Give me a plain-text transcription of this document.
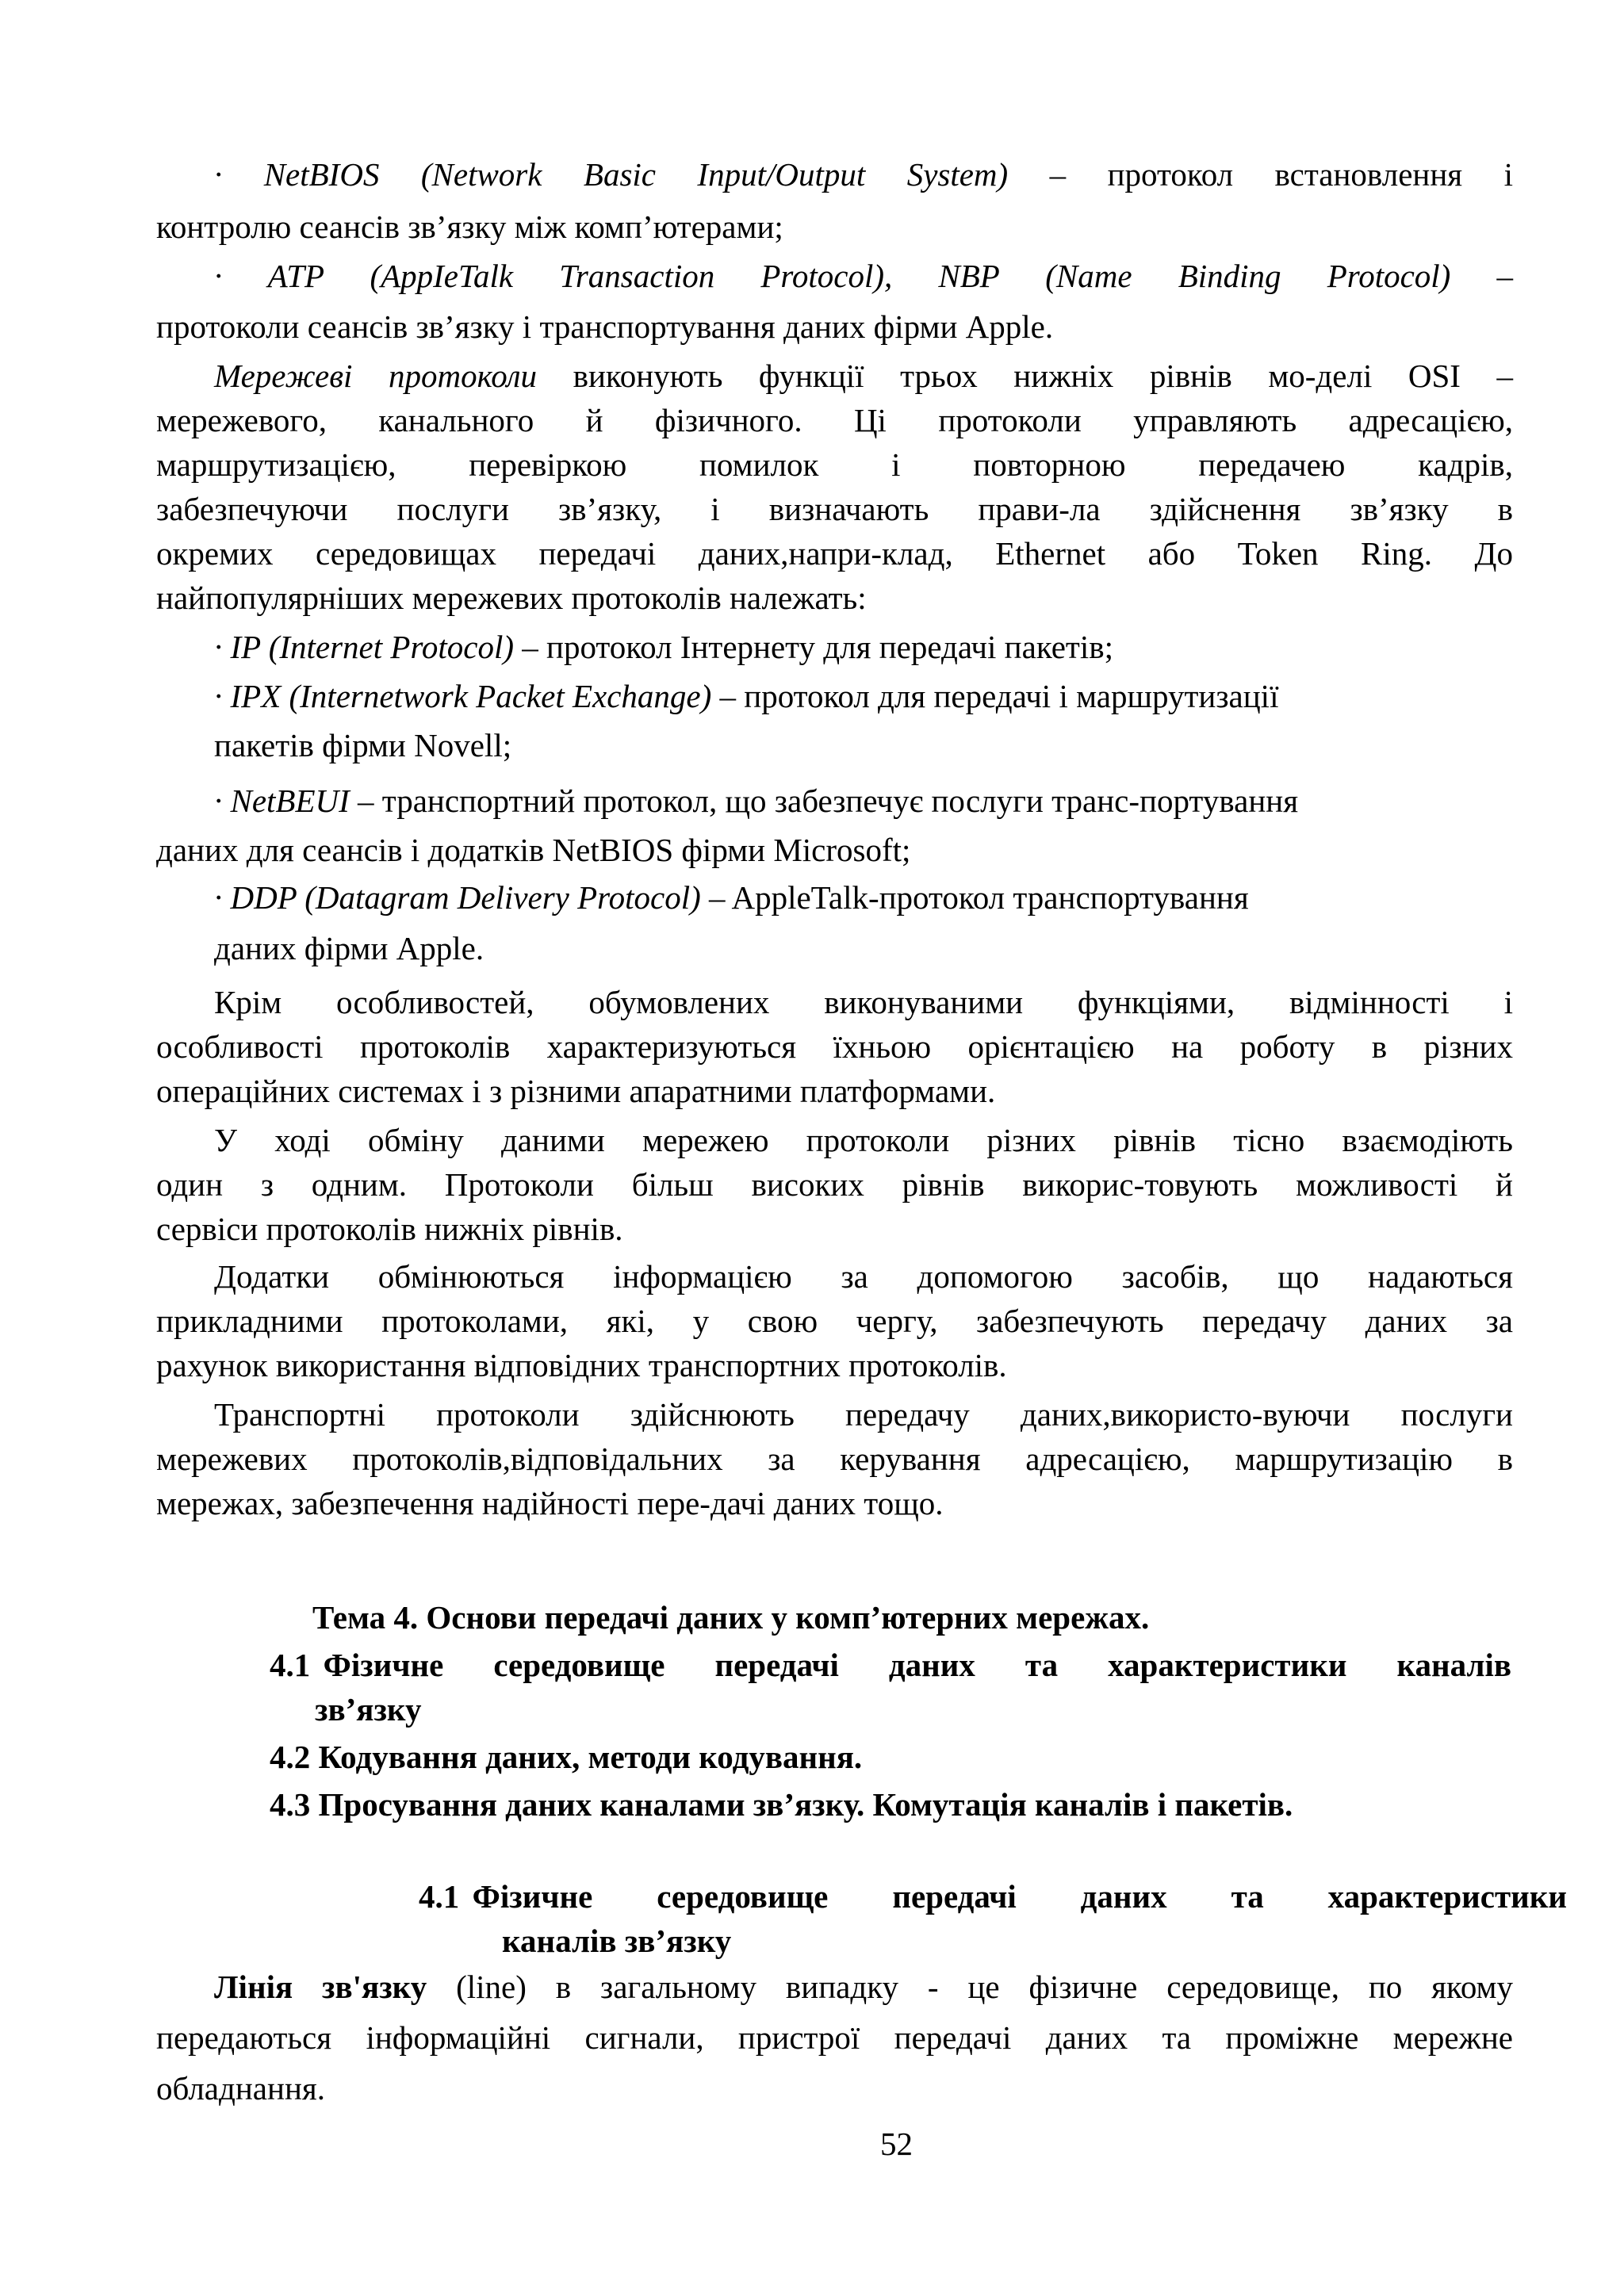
· NetBIOS (Network Basic Input/Output System) – протокол встановлення і
контролю сеансів зв’язку між комп’ютерами;
· ATP (AppIeTalk Transaction Protocol), NBP (Name Binding Protocol) –
протоколи сеансів зв’язку і транспортування даних фірми Apple.
Мережеві протоколи виконують функції трьох нижніх рівнів мо-делі OSI –
мережевого, канального й фізичного. Ці протоколи управляють адресацією,
маршрутизацією, перевіркою помилок і повторною передачею кадрів,
забезпечуючи послуги зв’язку, і визначають прави-ла здійснення зв’язку в
окремих середовищах передачі даних,напри-клад, Ethernet або Token Ring. До
найпопулярніших мережевих протоколів належать:
· IP (Internet Protocol) – протокол Інтернету для передачі пакетів;
· IPX (Internetwork Packet Exchange) – протокол для передачі і маршрутизації
пакетів фірми Novell;
· NetBEUI – транспортний протокол, що забезпечує послуги транс-портування
даних для сеансів і додатків NetBIOS фірми Microsoft;
· DDP (Datagram Delivery Protocol) – AppleTalk-протокол транспортування
даних фірми Apple.
Крім особливостей, обумовлених виконуваними функціями, відмінності і
особливості протоколів характеризуються їхньою орієнтацією на роботу в різних
операційних системах і з різними апаратними платформами.
У ході обміну даними мережею протоколи різних рівнів тісно взаємодіють
один з одним. Протоколи більш високих рівнів викорис-товують можливості й
сервіси протоколів нижніх рівнів.
Додатки обмінюються інформацією за допомогою засобів, що надаються
прикладними протоколами, які, у свою чергу, забезпечують передачу даних за
рахунок використання відповідних транспортних протоколів.
Транспортні протоколи здійснюють передачу даних,використо-вуючи послуги
мережевих протоколів,відповідальних за керування адресацією, маршрутизацію в
мережах, забезпечення надійності пере-дачі даних тощо.
Тема 4. Основи передачі даних у комп’ютерних мережах.
4.1 Фізичне середовище передачі даних та характеристики каналів
зв’язку
4.2 Кодування даних, методи кодування.
4.3 Просування даних каналами зв’язку. Комутація каналів і пакетів.
4.1 Фізичне середовище передачі даних та характеристики
каналів зв’язку
Лінія зв'язку (line) в загальному випадку - це фізичне середовище, по якому
передаються інформаційні сигнали, пристрої передачі даних та проміжне мережне
обладнання.
52
